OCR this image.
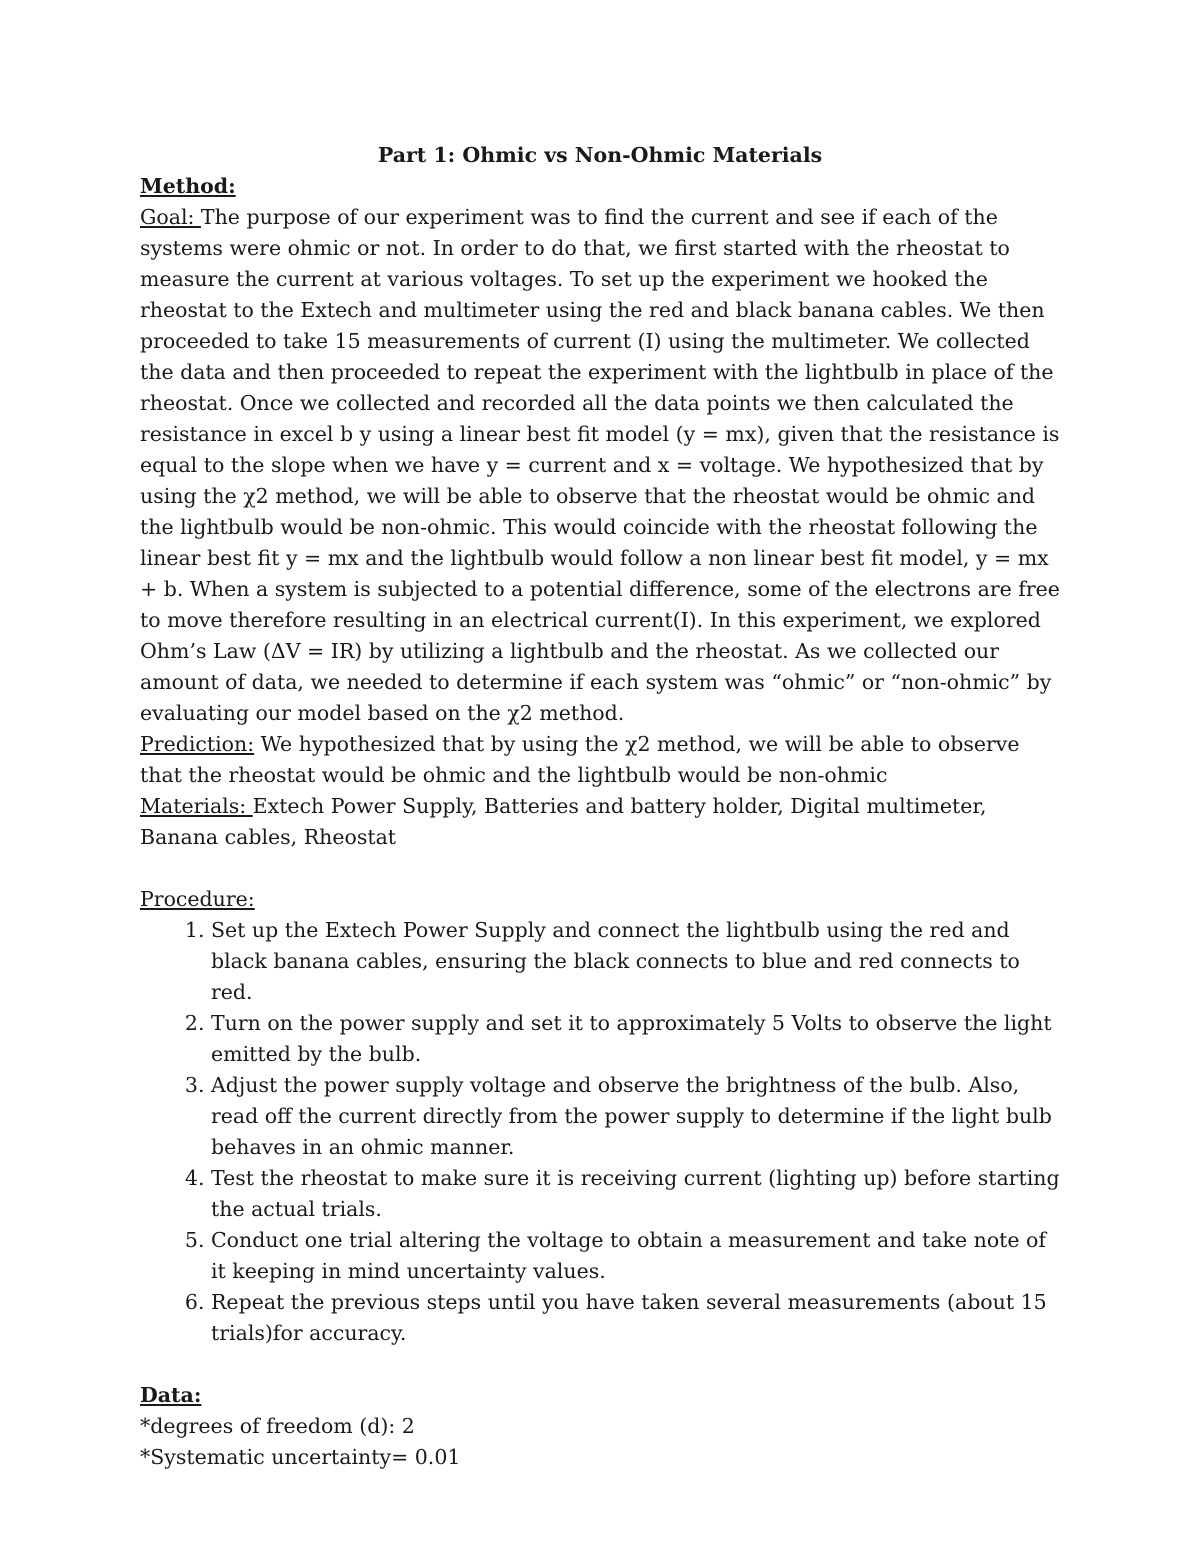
Part 1: Ohmic vs Non-Ohmic Materials

Method:

Goal: The purpose of our experiment was to find the current and see if each of the systems were ohmic or not. In order to do that, we first started with the rheostat to measure the current at various voltages. To set up the experiment we hooked the rheostat to the Extech and multimeter using the red and black banana cables. We then proceeded to take 15 measurements of current (I) using the multimeter. We collected the data and then proceeded to repeat the experiment with the lightbulb in place of the rheostat. Once we collected and recorded all the data points we then calculated the resistance in excel b y using a linear best fit model (y = mx), given that the resistance is equal to the slope when we have y = current and x = voltage. We hypothesized that by using the χ2 method, we will be able to observe that the rheostat would be ohmic and the lightbulb would be non-ohmic. This would coincide with the rheostat following the linear best fit y = mx and the lightbulb would follow a non linear best fit model, y = mx + b. When a system is subjected to a potential difference, some of the electrons are free to move therefore resulting in an electrical current(I). In this experiment, we explored Ohm’s Law (ΔV = IR) by utilizing a lightbulb and the rheostat. As we collected our amount of data, we needed to determine if each system was “ohmic” or “non-ohmic” by evaluating our model based on the χ2 method.

Prediction: We hypothesized that by using the χ2 method, we will be able to observe that the rheostat would be ohmic and the lightbulb would be non-ohmic

Materials: Extech Power Supply, Batteries and battery holder, Digital multimeter, Banana cables, Rheostat

Procedure:

1. Set up the Extech Power Supply and connect the lightbulb using the red and black banana cables, ensuring the black connects to blue and red connects to red.
2. Turn on the power supply and set it to approximately 5 Volts to observe the light emitted by the bulb.
3. Adjust the power supply voltage and observe the brightness of the bulb. Also, read off the current directly from the power supply to determine if the light bulb behaves in an ohmic manner.
4. Test the rheostat to make sure it is receiving current (lighting up) before starting the actual trials.
5. Conduct one trial altering the voltage to obtain a measurement and take note of it keeping in mind uncertainty values.
6. Repeat the previous steps until you have taken several measurements (about 15 trials)for accuracy.

Data:

*degrees of freedom (d): 2

*Systematic uncertainty= 0.01
